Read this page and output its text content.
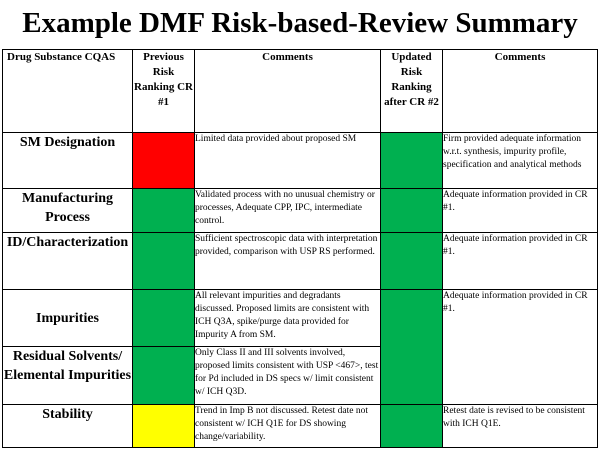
Example DMF Risk-based-Review Summary
Drug Substance CQAS	Previous Risk Ranking CR #1	Comments	Updated Risk Ranking after CR #2	Comments
SM Designation		Limited data provided about proposed SM		Firm provided adequate information w.r.t. synthesis, impurity profile, specification and analytical methods
Manufacturing Process		Validated process with no unusual chemistry or processes, Adequate CPP, IPC, intermediate control.		Adequate information provided in CR #1.
ID/Characterization		Sufficient spectroscopic data with interpretation provided, comparison with USP RS performed.		Adequate information provided in CR #1.
Impurities		All relevant impurities and degradants discussed. Proposed limits are consistent with ICH Q3A, spike/purge data provided for Impurity A from SM.		Adequate information provided in CR #1.
Residual Solvents/ Elemental Impurities		Only Class II and III solvents involved, proposed limits consistent with USP <467>, test for Pd included in DS specs w/ limit consistent w/ ICH Q3D.		
Stability		Trend in Imp B not discussed. Retest date not consistent w/ ICH Q1E for DS showing change/variability.		Retest date is revised to be consistent with ICH Q1E.
